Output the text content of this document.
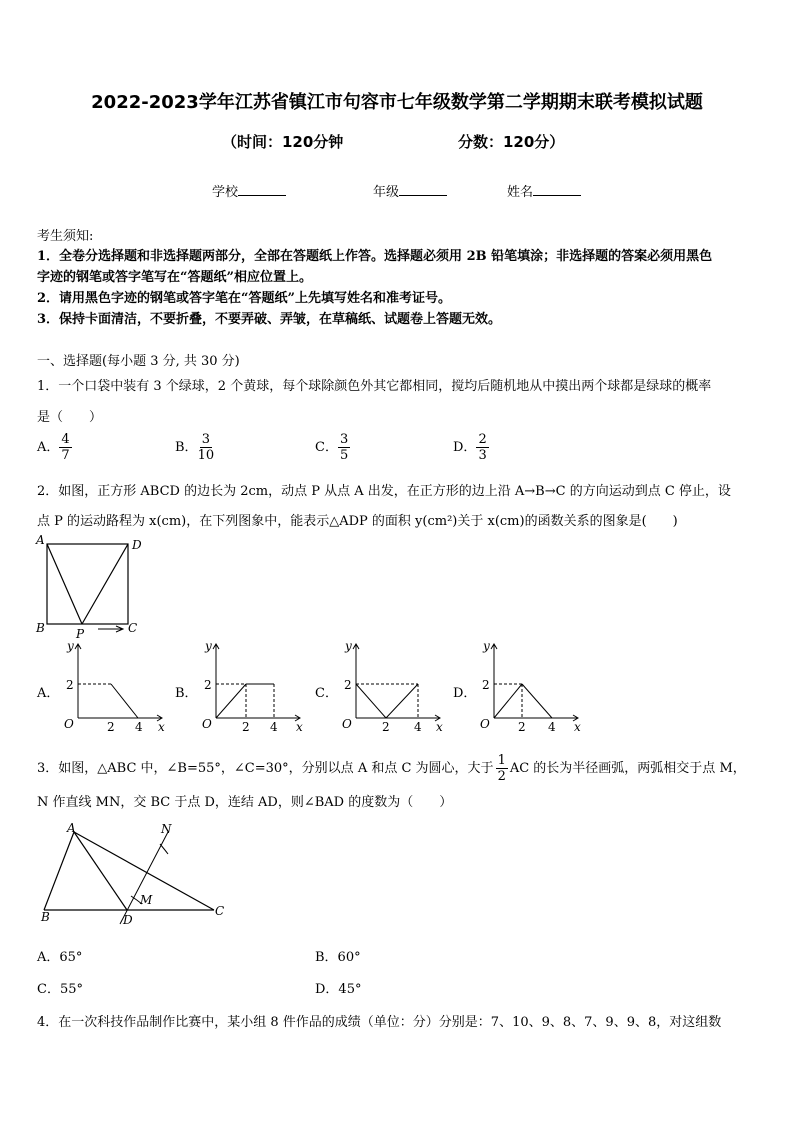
2022-2023学年江苏省镇江市句容市七年级数学第二学期期末联考模拟试题
（时间：120分钟	分数：120分）
学校	年级	姓名
考生须知:
1．全卷分选择题和非选择题两部分，全部在答题纸上作答。选择题必须用 2B 铅笔填涂；非选择题的答案必须用黑色
字迹的钢笔或答字笔写在“答题纸”相应位置上。
2．请用黑色字迹的钢笔或答字笔在“答题纸”上先填写姓名和准考证号。
3．保持卡面清洁，不要折叠，不要弄破、弄皱，在草稿纸、试题卷上答题无效。
一、选择题(每小题 3 分, 共 30 分)
1．一个口袋中装有 3 个绿球，2 个黄球，每个球除颜色外其它都相同，搅均后随机地从中摸出两个球都是绿球的概率
是（　　）
A． $\frac{4}{7}$	B． $\frac{3}{10}$	C． $\frac{3}{5}$	D． $\frac{2}{3}$
2．如图，正方形 ABCD 的边长为 2cm，动点 P 从点 A 出发，在正方形的边上沿 A→B→C 的方向运动到点 C 停止，设
点 P 的运动路程为 x(cm)，在下列图象中，能表示△ADP 的面积 y(cm²)关于 x(cm)的函数关系的图象是(　　)
A	D
B	P	C
A．
y
O
2
2 4 x
B．
y
O
2
2 4 x
C．
y
O
2
2 4 x
D．
y
O
2
2 4 x
3．如图，△ABC 中，∠B=55°，∠C=30°，分别以点 A 和点 C 为圆心，大于 $\frac{1}{2}$ AC 的长为半径画弧，两弧相交于点 M，
N 作直线 MN，交 BC 于点 D，连结 AD，则∠BAD 的度数为（　　）
A	N
M
B	D
C
A．65°	B．60°
C．55°	D．45°
4．在一次科技作品制作比赛中，某小组 8 件作品的成绩（单位：分）分别是：7、10、9、8、7、9、9、8，对这组数
